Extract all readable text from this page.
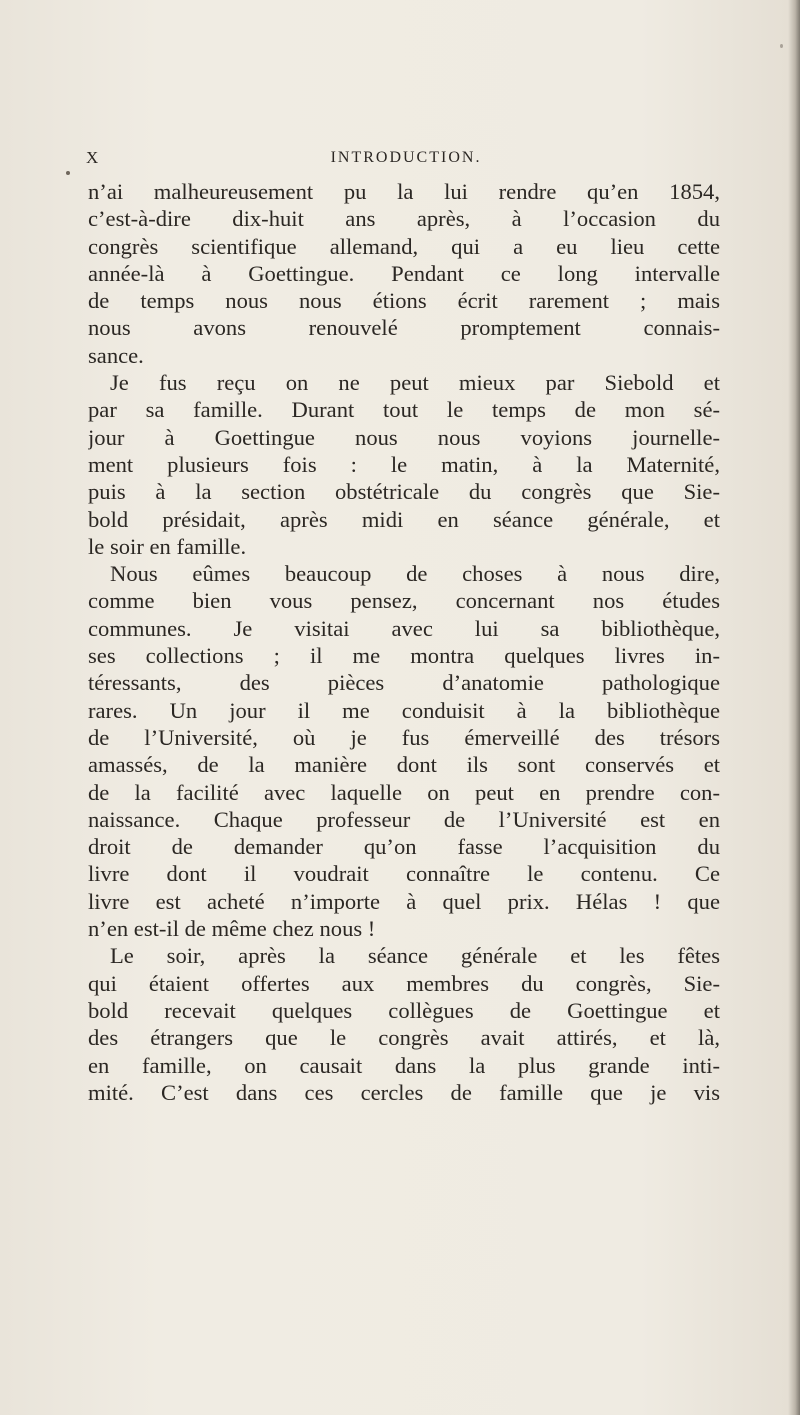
X	INTRODUCTION.
n’ai malheureusement pu la lui rendre qu’en 1854,
c’est-à-dire dix-huit ans après, à l’occasion du
congrès scientifique allemand, qui a eu lieu cette
année-là à Goettingue. Pendant ce long intervalle
de temps nous nous étions écrit rarement ; mais
nous avons renouvelé promptement connais-
sance.
Je fus reçu on ne peut mieux par Siebold et
par sa famille. Durant tout le temps de mon sé-
jour à Goettingue nous nous voyions journelle-
ment plusieurs fois : le matin, à la Maternité,
puis à la section obstétricale du congrès que Sie-
bold présidait, après midi en séance générale, et
le soir en famille.
Nous eûmes beaucoup de choses à nous dire,
comme bien vous pensez, concernant nos études
communes. Je visitai avec lui sa bibliothèque,
ses collections ; il me montra quelques livres in-
téressants, des pièces d’anatomie pathologique
rares. Un jour il me conduisit à la bibliothèque
de l’Université, où je fus émerveillé des trésors
amassés, de la manière dont ils sont conservés et
de la facilité avec laquelle on peut en prendre con-
naissance. Chaque professeur de l’Université est en
droit de demander qu’on fasse l’acquisition du
livre dont il voudrait connaître le contenu. Ce
livre est acheté n’importe à quel prix. Hélas ! que
n’en est-il de même chez nous !
Le soir, après la séance générale et les fêtes
qui étaient offertes aux membres du congrès, Sie-
bold recevait quelques collègues de Goettingue et
des étrangers que le congrès avait attirés, et là,
en famille, on causait dans la plus grande inti-
mité. C’est dans ces cercles de famille que je vis
